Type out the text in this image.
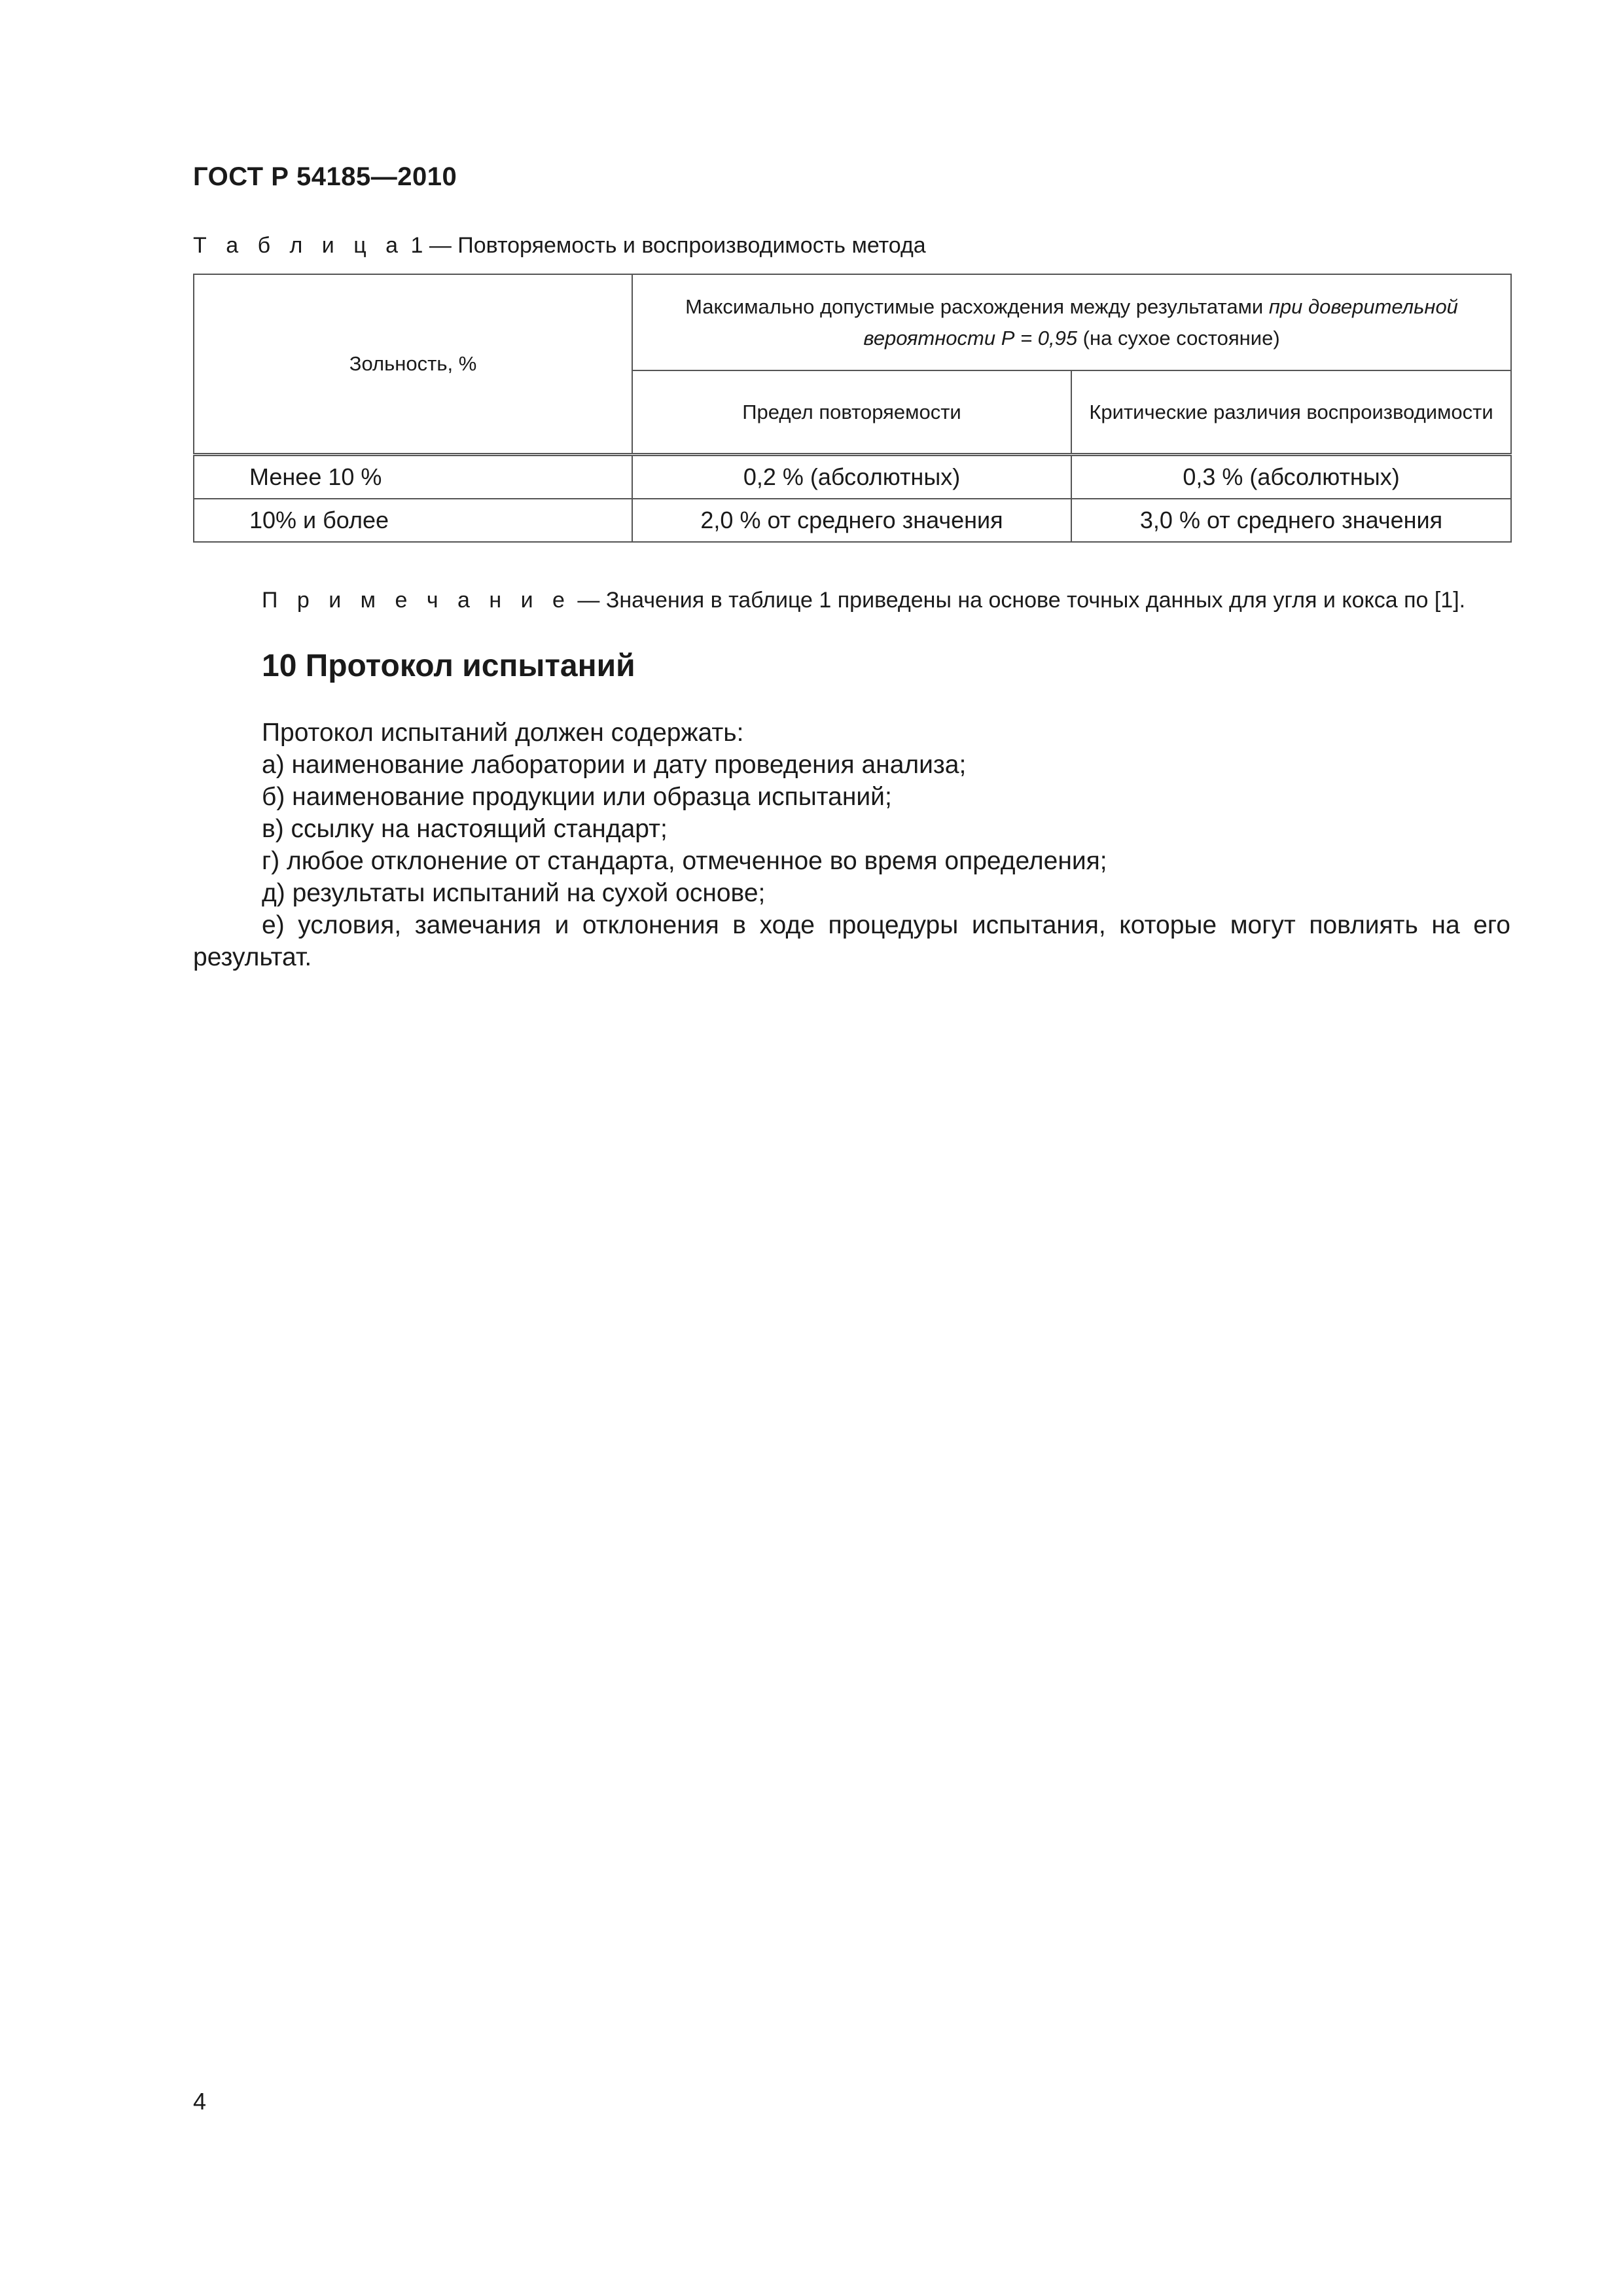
ГОСТ Р 54185—2010
Т а б л и ц а 1 — Повторяемость и воспроизводимость метода
Зольность, %	Максимально допустимые расхождения между результатами при доверительной вероятности Р = 0,95 (на сухое состояние)	
	Предел повторяемости	Критические различия воспроизводимости
Менее 10 %	0,2 % (абсолютных)	0,3 % (абсолютных)
10% и более	2,0 % от среднего значения	3,0 % от среднего значения
П р и м е ч а н и е — Значения в таблице 1 приведены на основе точных данных для угля и кокса по [1].
10 Протокол испытаний
Протокол испытаний должен содержать:
а) наименование лаборатории и дату проведения анализа;
б) наименование продукции или образца испытаний;
в) ссылку на настоящий стандарт;
г) любое отклонение от стандарта, отмеченное во время определения;
д) результаты испытаний на сухой основе;
е) условия, замечания и отклонения в ходе процедуры испытания, которые могут повлиять на его результат.
4
